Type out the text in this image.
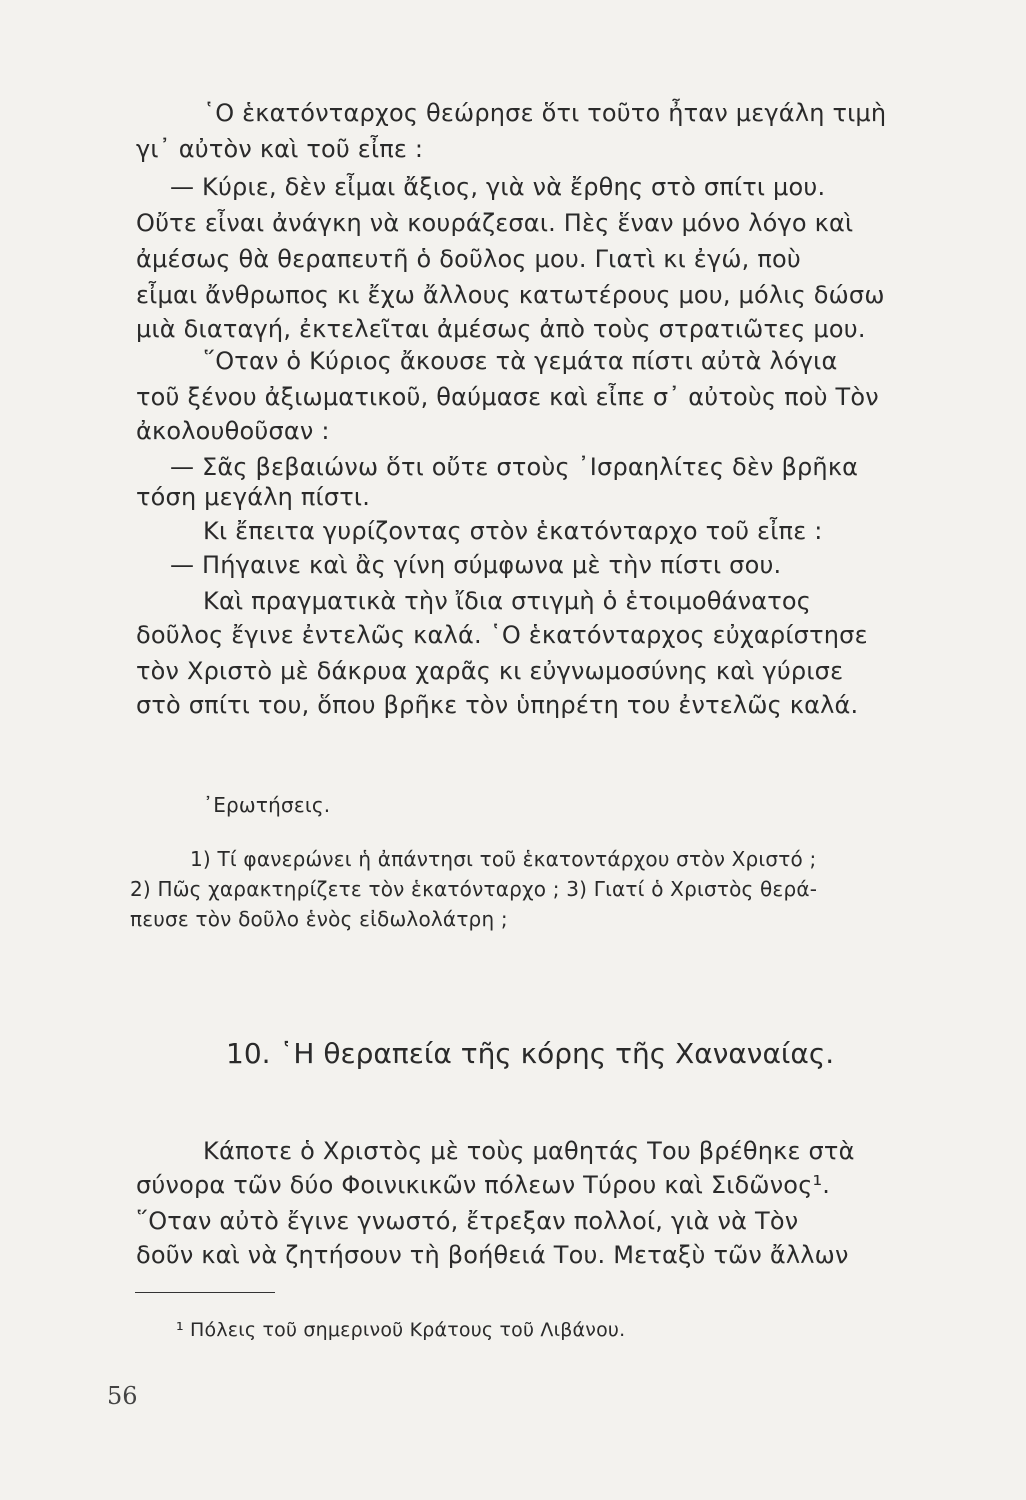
῾Ο ἑκατόνταρχος θεώρησε ὅτι τοῦτο ἦταν μεγάλη τιμὴ
γι᾽ αὐτὸν καὶ τοῦ εἶπε :
— Κύριε, δὲν εἶμαι ἄξιος, γιὰ νὰ ἔρθης στὸ σπίτι μου.
Οὔτε εἶναι ἀνάγκη νὰ κουράζεσαι. Πὲς ἕναν μόνο λόγο καὶ
ἀμέσως θὰ θεραπευτῆ ὁ δοῦλος μου. Γιατὶ κι ἐγώ, ποὺ
εἶμαι ἄνθρωπος κι ἔχω ἄλλους κατωτέρους μου, μόλις δώσω
μιὰ διαταγή, ἐκτελεῖται ἀμέσως ἀπὸ τοὺς στρατιῶτες μου.
῞Οταν ὁ Κύριος ἄκουσε τὰ γεμάτα πίστι αὐτὰ λόγια
τοῦ ξένου ἀξιωματικοῦ, θαύμασε καὶ εἶπε σ᾽ αὐτοὺς ποὺ Τὸν
ἀκολουθοῦσαν :
— Σᾶς βεβαιώνω ὅτι οὔτε στοὺς ᾿Ισραηλίτες δὲν βρῆκα
τόση μεγάλη πίστι.
Κι ἔπειτα γυρίζοντας στὸν ἑκατόνταρχο τοῦ εἶπε :
— Πήγαινε καὶ ἂς γίνη σύμφωνα μὲ τὴν πίστι σου.
Καὶ πραγματικὰ τὴν ἴδια στιγμὴ ὁ ἑτοιμοθάνατος
δοῦλος ἔγινε ἐντελῶς καλά. ῾Ο ἑκατόνταρχος εὐχαρίστησε
τὸν Χριστὸ μὲ δάκρυα χαρᾶς κι εὐγνωμοσύνης καὶ γύρισε
στὸ σπίτι του, ὅπου βρῆκε τὸν ὑπηρέτη του ἐντελῶς καλά.
᾿Ερωτήσεις.
1) Τί φανερώνει ἡ ἀπάντησι τοῦ ἑκατοντάρχου στὸν Χριστό ;
2) Πῶς χαρακτηρίζετε τὸν ἑκατόνταρχο ; 3) Γιατί ὁ Χριστὸς θερά-
πευσε τὸν δοῦλο ἑνὸς εἰδωλολάτρη ;
10. ῾Η θεραπεία τῆς κόρης τῆς Χαναναίας.
Κάποτε ὁ Χριστὸς μὲ τοὺς μαθητάς Του βρέθηκε στὰ
σύνορα τῶν δύο Φοινικικῶν πόλεων Τύρου καὶ Σιδῶνος¹.
῞Οταν αὐτὸ ἔγινε γνωστό, ἔτρεξαν πολλοί, γιὰ νὰ Τὸν
δοῦν καὶ νὰ ζητήσουν τὴ βοήθειά Του. Μεταξὺ τῶν ἄλλων
¹ Πόλεις τοῦ σημερινοῦ Κράτους τοῦ Λιβάνου.
56
